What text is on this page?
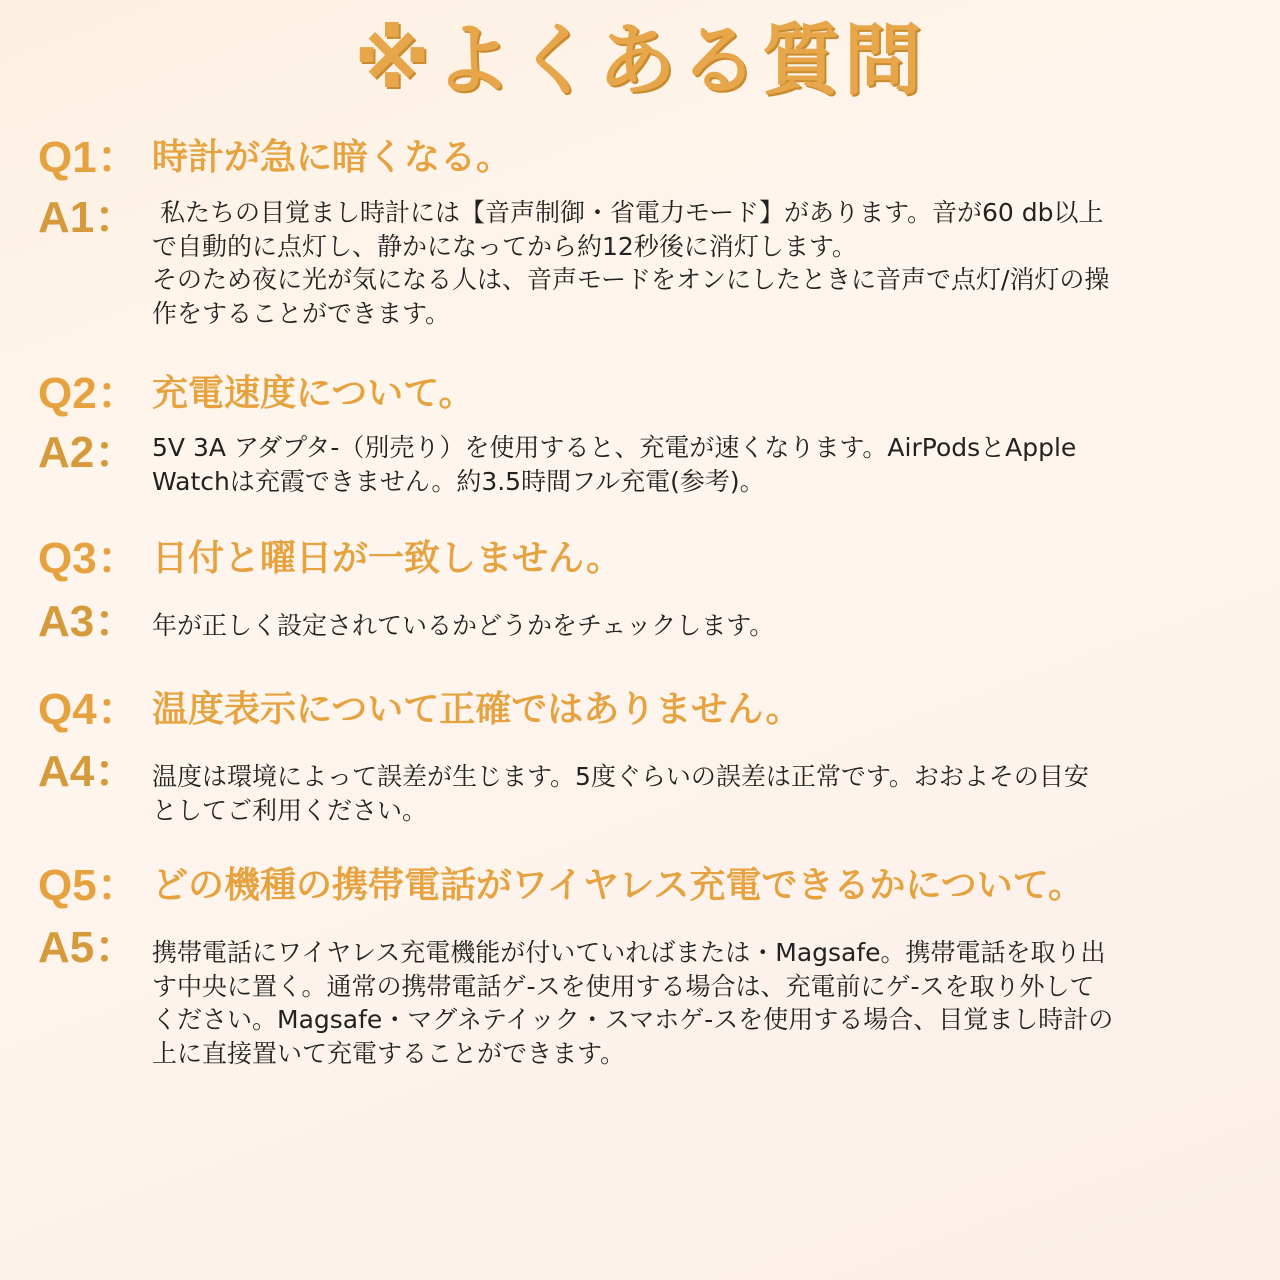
※よくある質問
Q1： 時計が急に暗くなる。
A1： 私たちの目覚まし時計には【音声制御・省電力モード】があります。音が60 db以上
で自動的に点灯し、静かになってから約12秒後に消灯します。
そのため夜に光が気になる人は、音声モードをオンにしたときに音声で点灯/消灯の操
作をすることができます。
Q2： 充電速度について。
A2： 5V 3A アダプタ-（別売り）を使用すると、充電が速くなります。AirPodsとApple
Watchは充霞できません。約3.5時間フル充電(参考)。
Q3： 日付と曜日が一致しません。
A3： 年が正しく設定されているかどうかをチェックします。
Q4： 温度表示について正確ではありません。
A4： 温度は環境によって誤差が生じます。5度ぐらいの誤差は正常です。おおよその目安
としてご利用ください。
Q5： どの機種の携帯電話がワイヤレス充電できるかについて。
A5： 携帯電話にワイヤレス充電機能が付いていればまたは・Magsafe。携帯電話を取り出
す中央に置く。通常の携帯電話ゲ-スを使用する場合は、充電前にゲ-スを取り外して
ください。Magsafe・マグネテイック・スマホゲ-スを使用する場合、目覚まし時計の
上に直接置いて充電することができます。
